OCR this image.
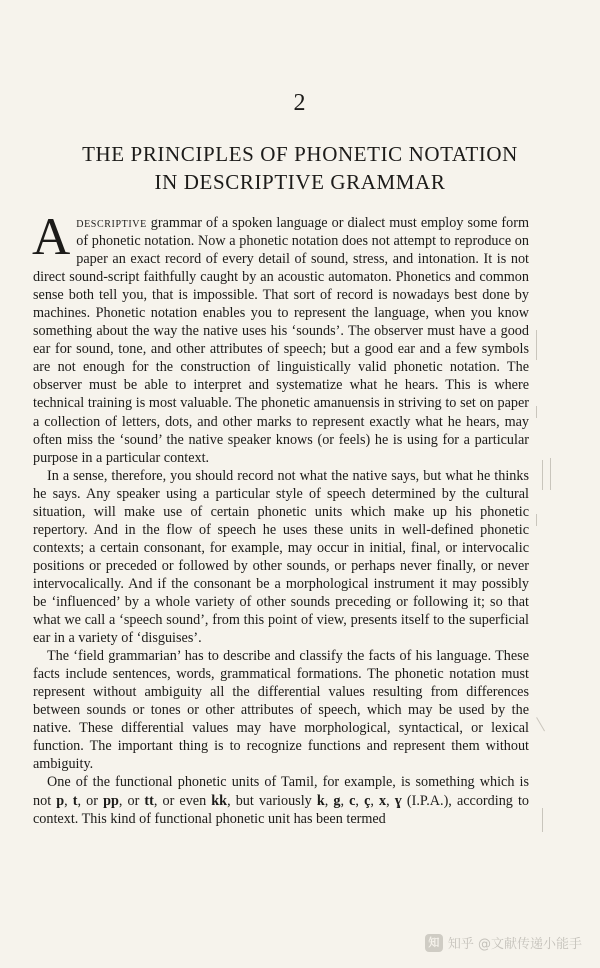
2
THE PRINCIPLES OF PHONETIC NOTATION
IN DESCRIPTIVE GRAMMAR

Adescriptive grammar of a spoken language or dialect must employ some form of phonetic notation. Now a phonetic notation does not attempt to reproduce on paper an exact record of every detail of sound, stress, and intonation. It is not direct sound-script faithfully caught by an acoustic automaton. Phonetics and common sense both tell you, that is impossible. That sort of record is nowadays best done by machines. Phonetic notation enables you to represent the language, when you know something about the way the native uses his ‘sounds’. The observer must have a good ear for sound, tone, and other attributes of speech; but a good ear and a few symbols are not enough for the construction of linguistically valid phonetic notation. The observer must be able to interpret and systematize what he hears. This is where technical training is most valuable. The phonetic amanuensis in striving to set on paper a collection of letters, dots, and other marks to represent exactly what he hears, may often miss the ‘sound’ the native speaker knows (or feels) he is using for a particular purpose in a particular context.

In a sense, therefore, you should record not what the native says, but what he thinks he says. Any speaker using a particular style of speech determined by the cultural situation, will make use of certain phonetic units which make up his phonetic repertory. And in the flow of speech he uses these units in well-defined phonetic contexts; a certain consonant, for example, may occur in initial, final, or intervocalic positions or preceded or followed by other sounds, or perhaps never finally, or never intervocalically. And if the consonant be a morphological instrument it may possibly be ‘influenced’ by a whole variety of other sounds preceding or following it; so that what we call a ‘speech sound’, from this point of view, presents itself to the superficial ear in a variety of ‘disguises’.

The ‘field grammarian’ has to describe and classify the facts of his language. These facts include sentences, words, grammatical formations. The phonetic notation must represent without ambiguity all the differential values resulting from differences between sounds or tones or other attributes of speech, which may be used by the native. These differential values may have morphological, syntactical, or lexical function. The important thing is to recognize functions and represent them without ambiguity.

One of the functional phonetic units of Tamil, for example, is something which is not p, t, or pp, or tt, or even kk, but variously k, g, c, ç, x, ɣ (I.P.A.), according to context. This kind of functional phonetic unit has been termed

知 知乎 @文献传递小能手
